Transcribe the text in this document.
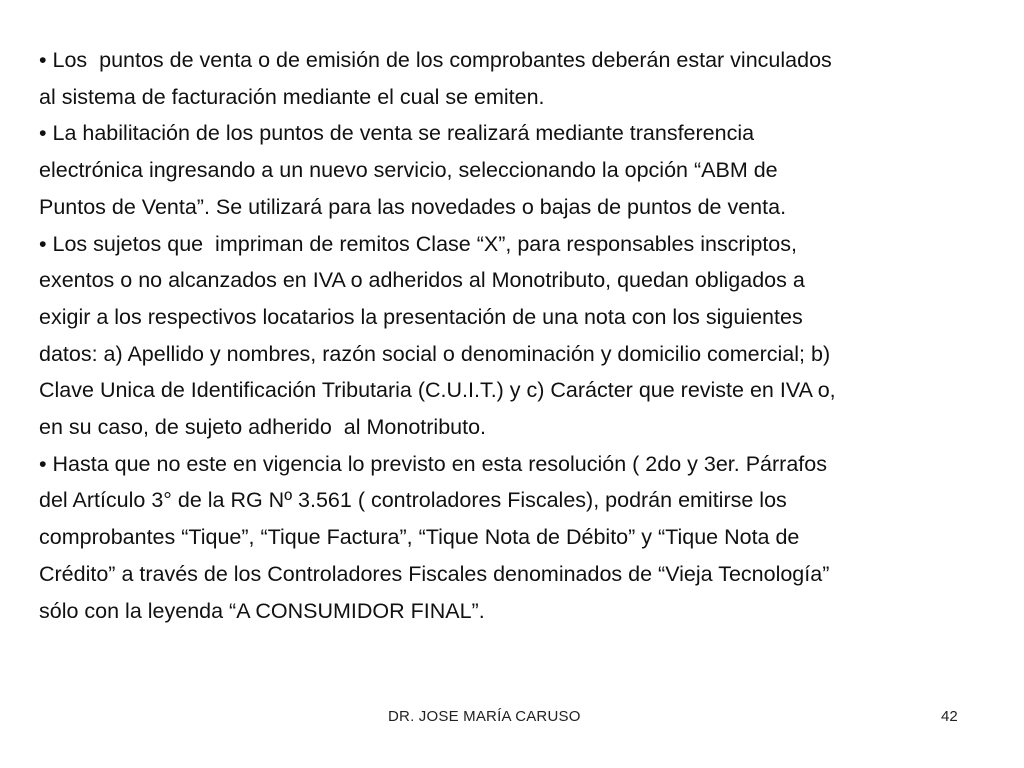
• Los  puntos de venta o de emisión de los comprobantes deberán estar vinculados
al sistema de facturación mediante el cual se emiten.
• La habilitación de los puntos de venta se realizará mediante transferencia
electrónica ingresando a un nuevo servicio, seleccionando la opción “ABM de
Puntos de Venta”. Se utilizará para las novedades o bajas de puntos de venta.
• Los sujetos que  impriman de remitos Clase “X”, para responsables inscriptos,
exentos o no alcanzados en IVA o adheridos al Monotributo, quedan obligados a
exigir a los respectivos locatarios la presentación de una nota con los siguientes
datos: a) Apellido y nombres, razón social o denominación y domicilio comercial; b)
Clave Unica de Identificación Tributaria (C.U.I.T.) y c) Carácter que reviste en IVA o,
en su caso, de sujeto adherido  al Monotributo.
• Hasta que no este en vigencia lo previsto en esta resolución ( 2do y 3er. Párrafos
del Artículo 3° de la RG Nº 3.561 ( controladores Fiscales), podrán emitirse los
comprobantes “Tique”, “Tique Factura”, “Tique Nota de Débito” y “Tique Nota de
Crédito” a través de los Controladores Fiscales denominados de “Vieja Tecnología”
sólo con la leyenda “A CONSUMIDOR FINAL”.
DR. JOSE MARÍA CARUSO	42
